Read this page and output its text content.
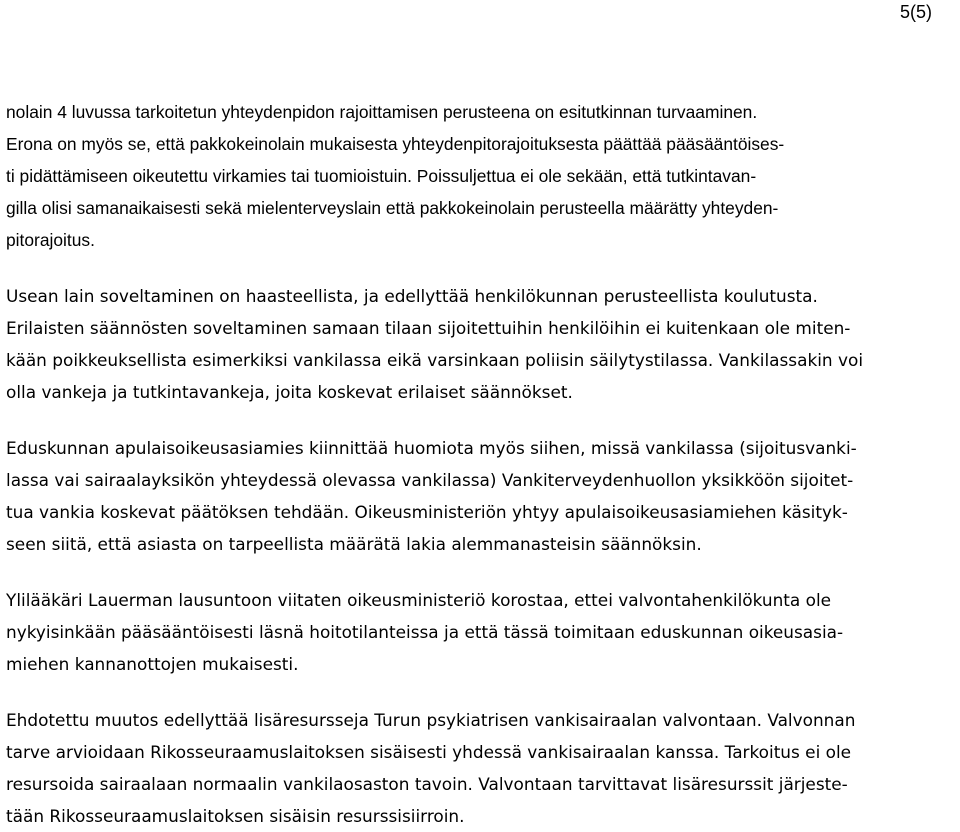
5(5)
nolain 4 luvussa tarkoitetun yhteydenpidon rajoittamisen perusteena on esitutkinnan turvaaminen.
Erona on myös se, että pakkokeinolain mukaisesta yhteydenpitorajoituksesta päättää pääsääntöises-
ti pidättämiseen oikeutettu virkamies tai tuomioistuin. Poissuljettua ei ole sekään, että tutkintavan-
gilla olisi samanaikaisesti sekä mielenterveyslain että pakkokeinolain perusteella määrätty yhteyden-
pitorajoitus.
Usean lain soveltaminen on haasteellista, ja edellyttää henkilökunnan perusteellista koulutusta.
Erilaisten säännösten soveltaminen samaan tilaan sijoitettuihin henkilöihin ei kuitenkaan ole miten-
kään poikkeuksellista esimerkiksi vankilassa eikä varsinkaan poliisin säilytystilassa. Vankilassakin voi
olla vankeja ja tutkintavankeja, joita koskevat erilaiset säännökset.
Eduskunnan apulaisoikeusasiamies kiinnittää huomiota myös siihen, missä vankilassa (sijoitusvanki-
lassa vai sairaalayksikön yhteydessä olevassa vankilassa) Vankiterveydenhuollon yksikköön sijoitet-
tua vankia koskevat päätöksen tehdään. Oikeusministeriön yhtyy apulaisoikeusasiamiehen käsityk-
seen siitä, että asiasta on tarpeellista määrätä lakia alemmanasteisin säännöksin.
Ylilääkäri Lauerman lausuntoon viitaten oikeusministeriö korostaa, ettei valvontahenkilökunta ole
nykyisinkään pääsääntöisesti läsnä hoitotilanteissa ja että tässä toimitaan eduskunnan oikeusasia-
miehen kannanottojen mukaisesti.
Ehdotettu muutos edellyttää lisäresursseja Turun psykiatrisen vankisairaalan valvontaan. Valvonnan
tarve arvioidaan Rikosseuraamuslaitoksen sisäisesti yhdessä vankisairaalan kanssa. Tarkoitus ei ole
resursoida sairaalaan normaalin vankilaosaston tavoin. Valvontaan tarvittavat lisäresurssit järjeste-
tään Rikosseuraamuslaitoksen sisäisin resurssisiirroin.
